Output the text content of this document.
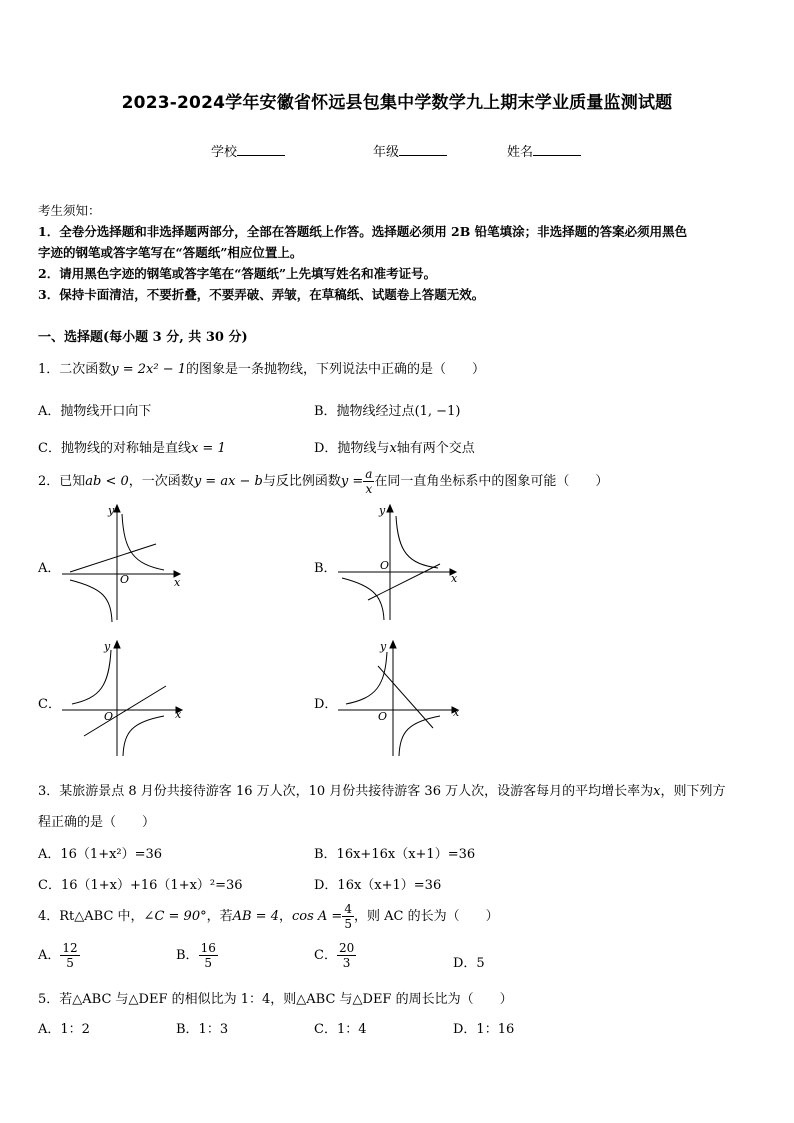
2023-2024学年安徽省怀远县包集中学数学九上期末学业质量监测试题
学校	年级	姓名
考生须知：
1．全卷分选择题和非选择题两部分，全部在答题纸上作答。选择题必须用 2B 铅笔填涂；非选择题的答案必须用黑色
字迹的钢笔或答字笔写在“答题纸”相应位置上。
2．请用黑色字迹的钢笔或答字笔在“答题纸”上先填写姓名和准考证号。
3．保持卡面清洁，不要折叠，不要弄破、弄皱，在草稿纸、试题卷上答题无效。
一、选择题(每小题 3 分, 共 30 分)
1．二次函数y = 2x² − 1的图象是一条抛物线，下列说法中正确的是（　　）
A．抛物线开口向下	B．抛物线经过点(1, −1)
C．抛物线的对称轴是直线x = 1	D．抛物线与x轴有两个交点
2．已知ab < 0，一次函数y = ax − b与反比例函数$y = \frac{a}{x}$ 在同一直角坐标系中的图象可能（　　）
A．
y
O	x
B．
y
O
x
C．
y
O	x
D．
y
O	x
3．某旅游景点 8 月份共接待游客 16 万人次，10 月份共接待游客 36 万人次，设游客每月的平均增长率为x，则下列方
程正确的是（　　）
A．16（1+x²）=36	B．16x+16x（x+1）=36
C．16（1+x）+16（1+x）²=36	D．16x（x+1）=36
4．Rt△ABC 中，∠C = 90°，若AB = 4，$\cos A = \frac{4}{5}$ ，则 AC 的长为（　　）
A． $\frac{12}{5}$	B． $\frac{16}{5}$	C． $\frac{20}{3}$	D．5
5．若△ABC 与△DEF 的相似比为 1：4，则△ABC 与△DEF 的周长比为（　　）
A．1：2	B．1：3	C．1：4	D．1：16
